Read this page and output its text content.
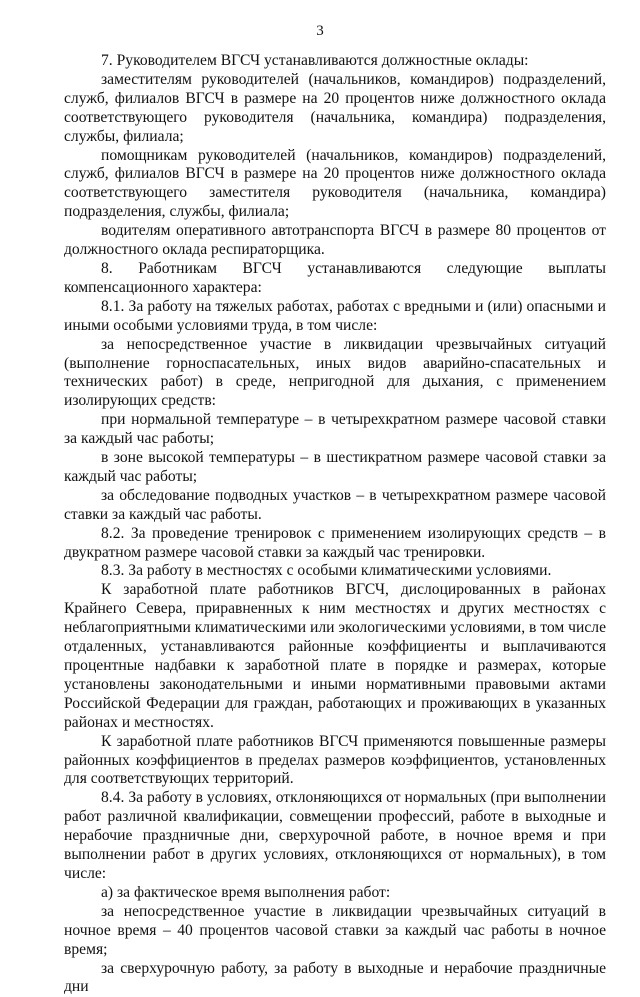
3

7. Руководителем ВГСЧ устанавливаются должностные оклады:

заместителям руководителей (начальников, командиров) подразделений, служб, филиалов ВГСЧ в размере на 20 процентов ниже должностного оклада соответствующего руководителя (начальника, командира) подразделения, службы, филиала;

помощникам руководителей (начальников, командиров) подразделений, служб, филиалов ВГСЧ в размере на 20 процентов ниже должностного оклада соответствующего заместителя руководителя (начальника, командира) подразделения, службы, филиала;

водителям оперативного автотранспорта ВГСЧ в размере 80 процентов от должностного оклада респираторщика.

8. Работникам ВГСЧ устанавливаются следующие выплаты компенсационного характера:

8.1. За работу на тяжелых работах, работах с вредными и (или) опасными и иными особыми условиями труда, в том числе:

за непосредственное участие в ликвидации чрезвычайных ситуаций (выполнение горноспасательных, иных видов аварийно-спасательных и технических работ) в среде, непригодной для дыхания, с применением изолирующих средств:

при нормальной температуре – в четырехкратном размере часовой ставки за каждый час работы;

в зоне высокой температуры – в шестикратном размере часовой ставки за каждый час работы;

за обследование подводных участков – в четырехкратном размере часовой ставки за каждый час работы.

8.2. За проведение тренировок с применением изолирующих средств – в двукратном размере часовой ставки за каждый час тренировки.

8.3. За работу в местностях с особыми климатическими условиями.

К заработной плате работников ВГСЧ, дислоцированных в районах Крайнего Севера, приравненных к ним местностях и других местностях с неблагоприятными климатическими или экологическими условиями, в том числе отдаленных, устанавливаются районные коэффициенты и выплачиваются процентные надбавки к заработной плате в порядке и размерах, которые установлены законодательными и иными нормативными правовыми актами Российской Федерации для граждан, работающих и проживающих в указанных районах и местностях.

К заработной плате работников ВГСЧ применяются повышенные размеры районных коэффициентов в пределах размеров коэффициентов, установленных для соответствующих территорий.

8.4. За работу в условиях, отклоняющихся от нормальных (при выполнении работ различной квалификации, совмещении профессий, работе в выходные и нерабочие праздничные дни, сверхурочной работе, в ночное время и при выполнении работ в других условиях, отклоняющихся от нормальных), в том числе:

а) за фактическое время выполнения работ:

за непосредственное участие в ликвидации чрезвычайных ситуаций в ночное время – 40 процентов часовой ставки за каждый час работы в ночное время;

за сверхурочную работу, за работу в выходные и нерабочие праздничные дни
